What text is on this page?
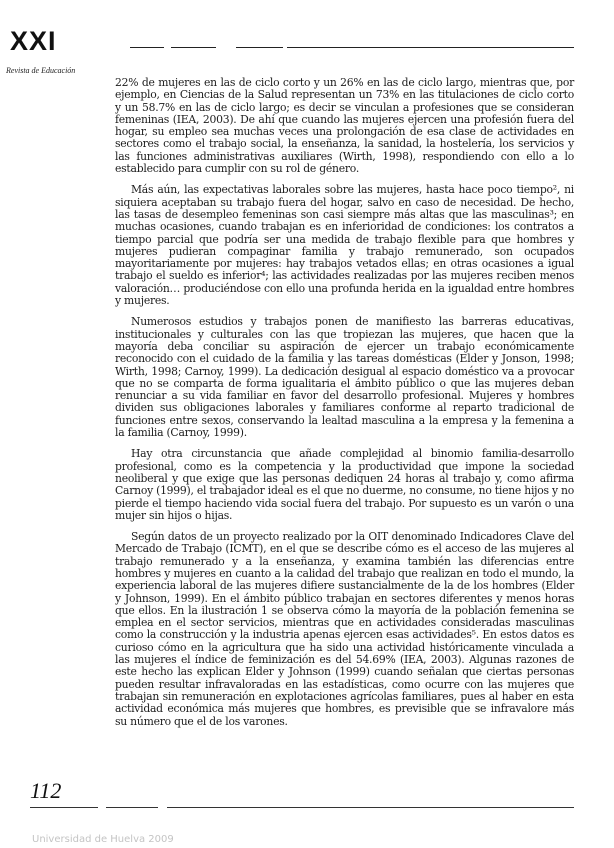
XXI
Revista de Educación

22% de mujeres en las de ciclo corto y un 26% en las de ciclo largo, mientras que, por ejemplo, en Ciencias de la Salud representan un 73% en las titulaciones de ciclo corto y un 58.7% en las de ciclo largo; es decir se vinculan a profesiones que se consideran femeninas (IEA, 2003). De ahí que cuando las mujeres ejercen una profesión fuera del hogar, su empleo sea muchas veces una prolongación de esa clase de actividades en sectores como el trabajo social, la enseñanza, la sanidad, la hostelería, los servicios y las funciones administrativas auxiliares (Wirth, 1998), respondiendo con ello a lo establecido para cumplir con su rol de género.

Más aún, las expectativas laborales sobre las mujeres, hasta hace poco tiempo², ni siquiera aceptaban su trabajo fuera del hogar, salvo en caso de necesidad. De hecho, las tasas de desempleo femeninas son casi siempre más altas que las masculinas³; en muchas ocasiones, cuando trabajan es en inferioridad de condiciones: los contratos a tiempo parcial que podría ser una medida de trabajo flexible para que hombres y mujeres pudieran compaginar familia y trabajo remunerado, son ocupados mayoritariamente por mujeres: hay trabajos vetados ellas; en otras ocasiones a igual trabajo el sueldo es inferior⁴; las actividades realizadas por las mujeres reciben menos valoración… produciéndose con ello una profunda herida en la igualdad entre hombres y mujeres.

Numerosos estudios y trabajos ponen de manifiesto las barreras educativas, institucionales y culturales con las que tropiezan las mujeres, que hacen que la mayoría deba conciliar su aspiración de ejercer un trabajo económicamente reconocido con el cuidado de la familia y las tareas domésticas (Elder y Jonson, 1998; Wirth, 1998; Carnoy, 1999). La dedicación desigual al espacio doméstico va a provocar que no se comparta de forma igualitaria el ámbito público o que las mujeres deban renunciar a su vida familiar en favor del desarrollo profesional. Mujeres y hombres dividen sus obligaciones laborales y familiares conforme al reparto tradicional de funciones entre sexos, conservando la lealtad masculina a la empresa y la femenina a la familia (Carnoy, 1999).

Hay otra circunstancia que añade complejidad al binomio familia-desarrollo profesional, como es la competencia y la productividad que impone la sociedad neoliberal y que exige que las personas dediquen 24 horas al trabajo y, como afirma Carnoy (1999), el trabajador ideal es el que no duerme, no consume, no tiene hijos y no pierde el tiempo haciendo vida social fuera del trabajo. Por supuesto es un varón o una mujer sin hijos o hijas.

Según datos de un proyecto realizado por la OIT denominado Indicadores Clave del Mercado de Trabajo (ICMT), en el que se describe cómo es el acceso de las mujeres al trabajo remunerado y a la enseñanza, y examina también las diferencias entre hombres y mujeres en cuanto a la calidad del trabajo que realizan en todo el mundo, la experiencia laboral de las mujeres difiere sustancialmente de la de los hombres (Elder y Johnson, 1999). En el ámbito público trabajan en sectores diferentes y menos horas que ellos. En la ilustración 1 se observa cómo la mayoría de la población femenina se emplea en el sector servicios, mientras que en actividades consideradas masculinas como la construcción y la industria apenas ejercen esas actividades⁵. En estos datos es curioso cómo en la agricultura que ha sido una actividad históricamente vinculada a las mujeres el índice de feminización es del 54.69% (IEA, 2003). Algunas razones de este hecho las explican Elder y Johnson (1999) cuando señalan que ciertas personas pueden resultar infravaloradas en las estadísticas, como ocurre con las mujeres que trabajan sin remuneración en explotaciones agrícolas familiares, pues al haber en esta actividad económica más mujeres que hombres, es previsible que se infravalore más su número que el de los varones.

112
Universidad de Huelva 2009
